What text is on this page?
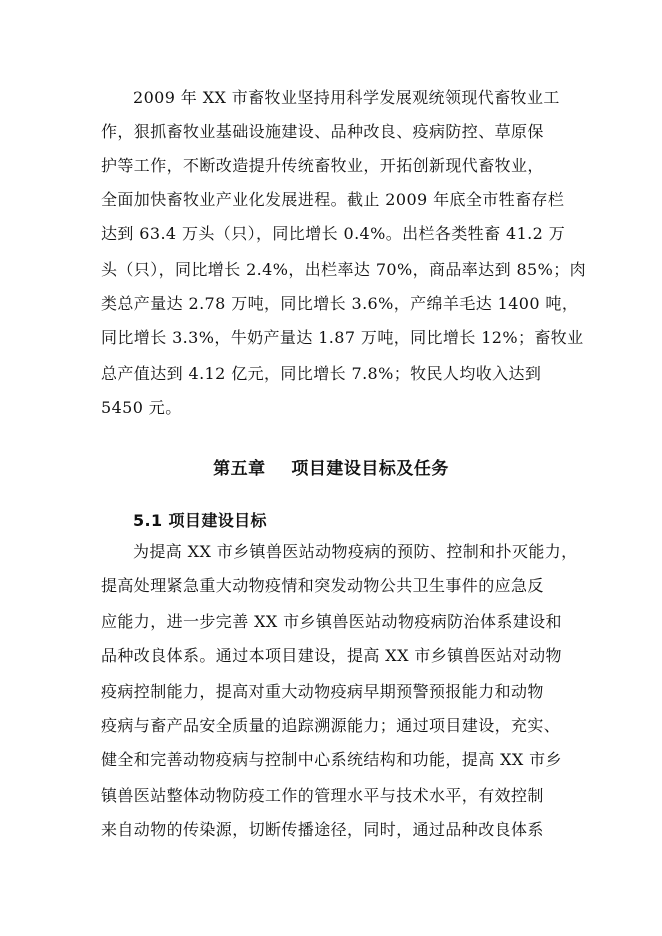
2009 年 XX 市畜牧业坚持用科学发展观统领现代畜牧业工
作，狠抓畜牧业基础设施建设、品种改良、疫病防控、草原保
护等工作，不断改造提升传统畜牧业，开拓创新现代畜牧业，
全面加快畜牧业产业化发展进程。截止 2009 年底全市牲畜存栏
达到 63.4 万头（只），同比增长 0.4%。出栏各类牲畜 41.2 万
头（只），同比增长 2.4%，出栏率达 70%，商品率达到 85%；肉
类总产量达 2.78 万吨，同比增长 3.6%，产绵羊毛达 1400 吨，
同比增长 3.3%，牛奶产量达 1.87 万吨，同比增长 12%；畜牧业
总产值达到 4.12 亿元，同比增长 7.8%；牧民人均收入达到
5450 元。
第五章    项目建设目标及任务
5.1 项目建设目标
为提高 XX 市乡镇兽医站动物疫病的预防、控制和扑灭能力，
提高处理紧急重大动物疫情和突发动物公共卫生事件的应急反
应能力，进一步完善 XX 市乡镇兽医站动物疫病防治体系建设和
品种改良体系。通过本项目建设，提高 XX 市乡镇兽医站对动物
疫病控制能力，提高对重大动物疫病早期预警预报能力和动物
疫病与畜产品安全质量的追踪溯源能力；通过项目建设，充实、
健全和完善动物疫病与控制中心系统结构和功能，提高 XX 市乡
镇兽医站整体动物防疫工作的管理水平与技术水平，有效控制
来自动物的传染源，切断传播途径，同时，通过品种改良体系
